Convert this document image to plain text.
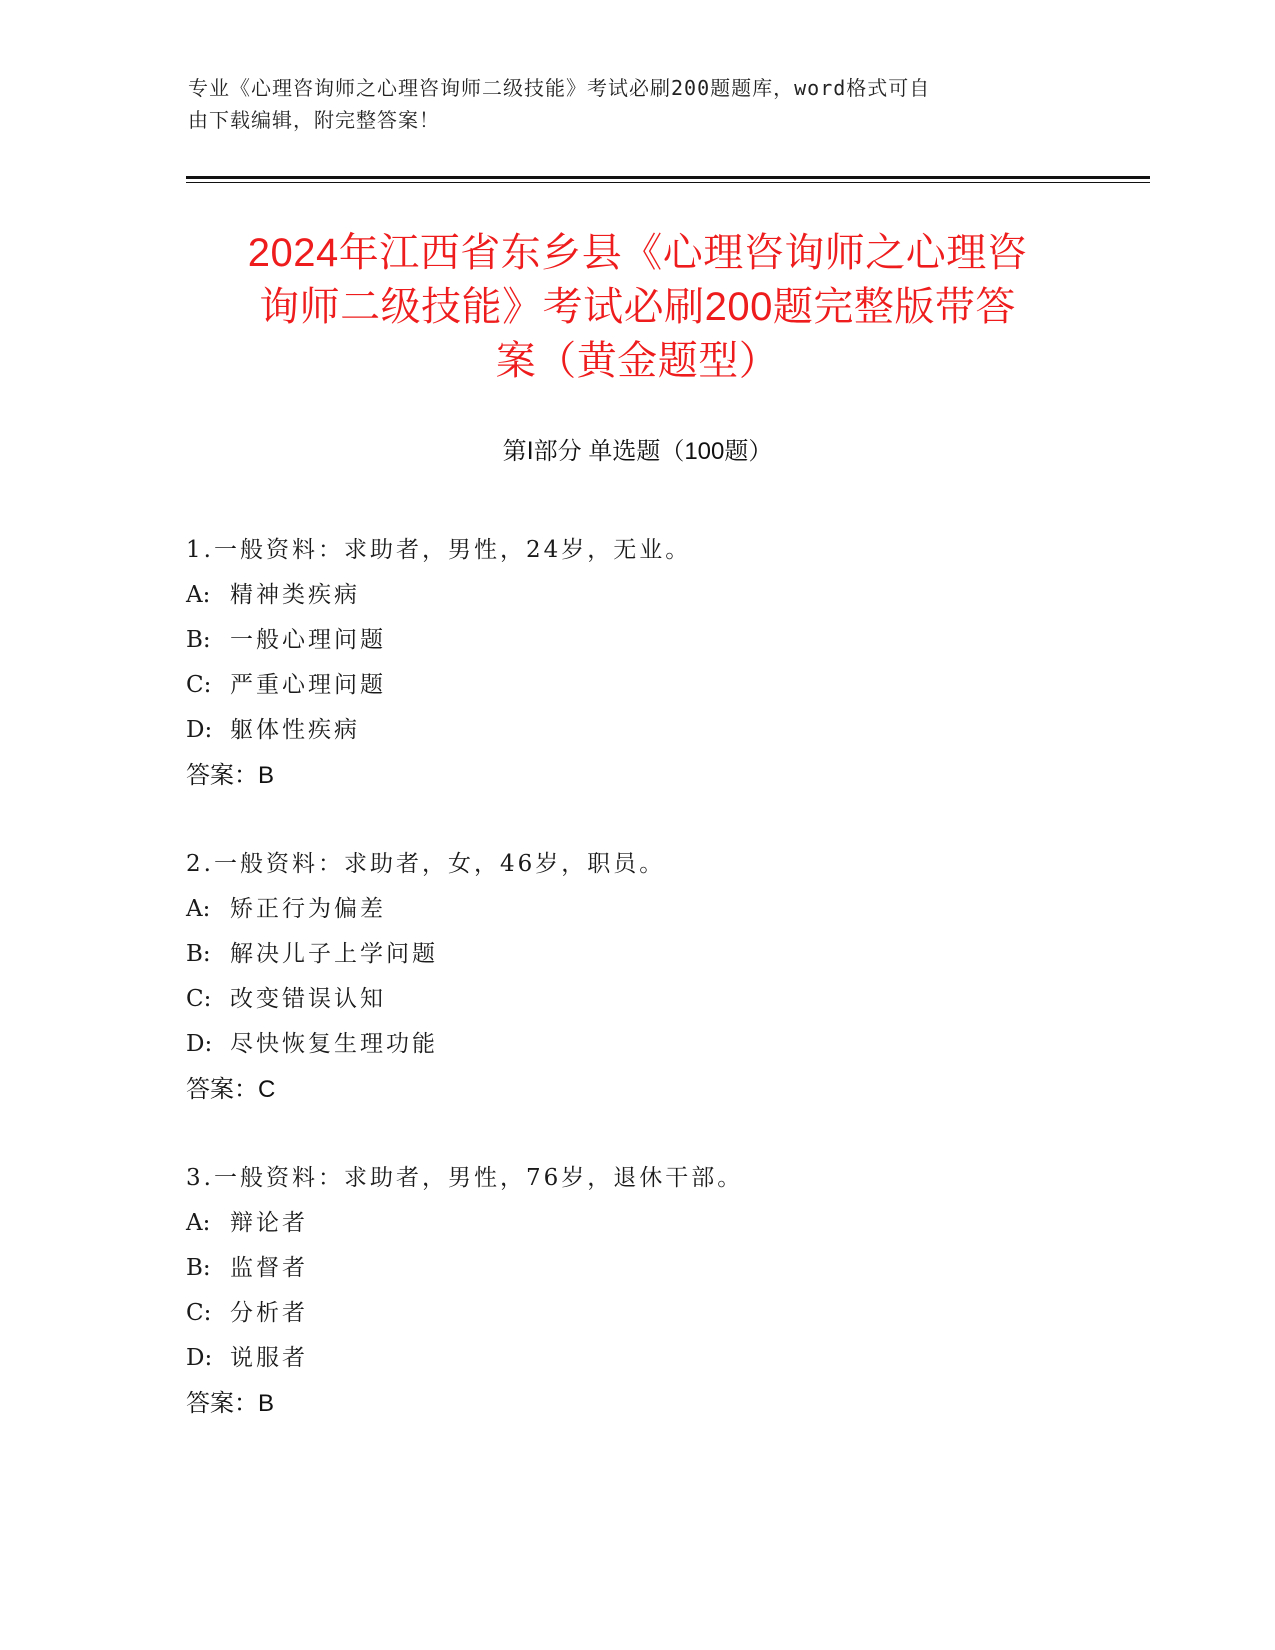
专业《心理咨询师之心理咨询师二级技能》考试必刷200题题库，word格式可自
由下载编辑，附完整答案！
2024年江西省东乡县《心理咨询师之心理咨
询师二级技能》考试必刷200题完整版带答
案（黄金题型）
第Ⅰ部分 单选题（100题）
1.一般资料：求助者，男性，24岁，无业。
A: 精神类疾病
B: 一般心理问题
C: 严重心理问题
D: 躯体性疾病
答案：B
2.一般资料：求助者，女，46岁，职员。
A: 矫正行为偏差
B: 解决儿子上学问题
C: 改变错误认知
D: 尽快恢复生理功能
答案：C
3.一般资料：求助者，男性，76岁，退休干部。
A: 辩论者
B: 监督者
C: 分析者
D: 说服者
答案：B
